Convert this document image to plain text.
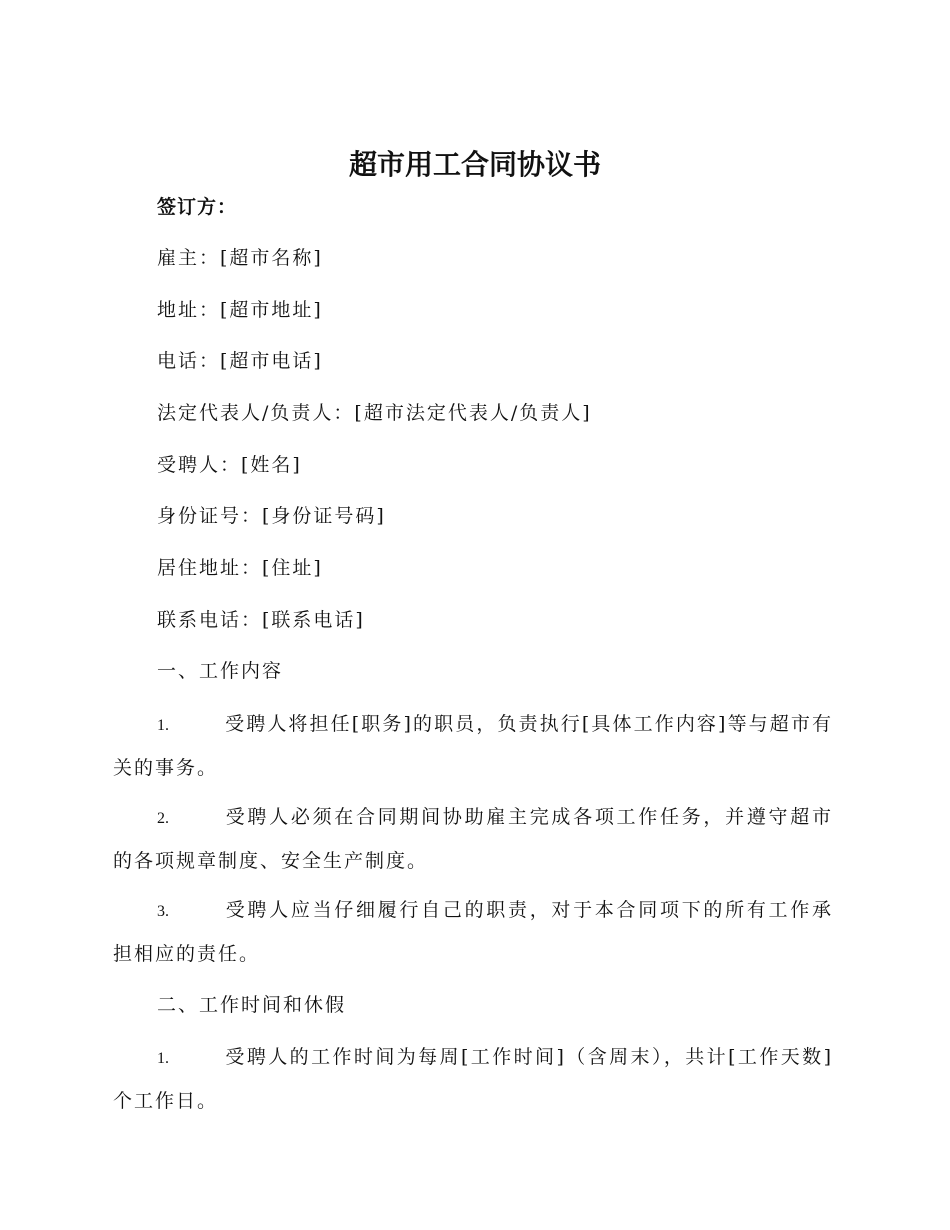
超市用工合同协议书
签订方：
雇主：[超市名称]
地址：[超市地址]
电话：[超市电话]
法定代表人/负责人：[超市法定代表人/负责人]
受聘人：[姓名]
身份证号：[身份证号码]
居住地址：[住址]
联系电话：[联系电话]
一、工作内容
1.	受聘人将担任[职务]的职员，负责执行[具体工作内容]等与超市有关的事务。
2.	受聘人必须在合同期间协助雇主完成各项工作任务，并遵守超市的各项规章制度、安全生产制度。
3.	受聘人应当仔细履行自己的职责，对于本合同项下的所有工作承担相应的责任。
二、工作时间和休假
1.	受聘人的工作时间为每周[工作时间]（含周末），共计[工作天数]个工作日。
